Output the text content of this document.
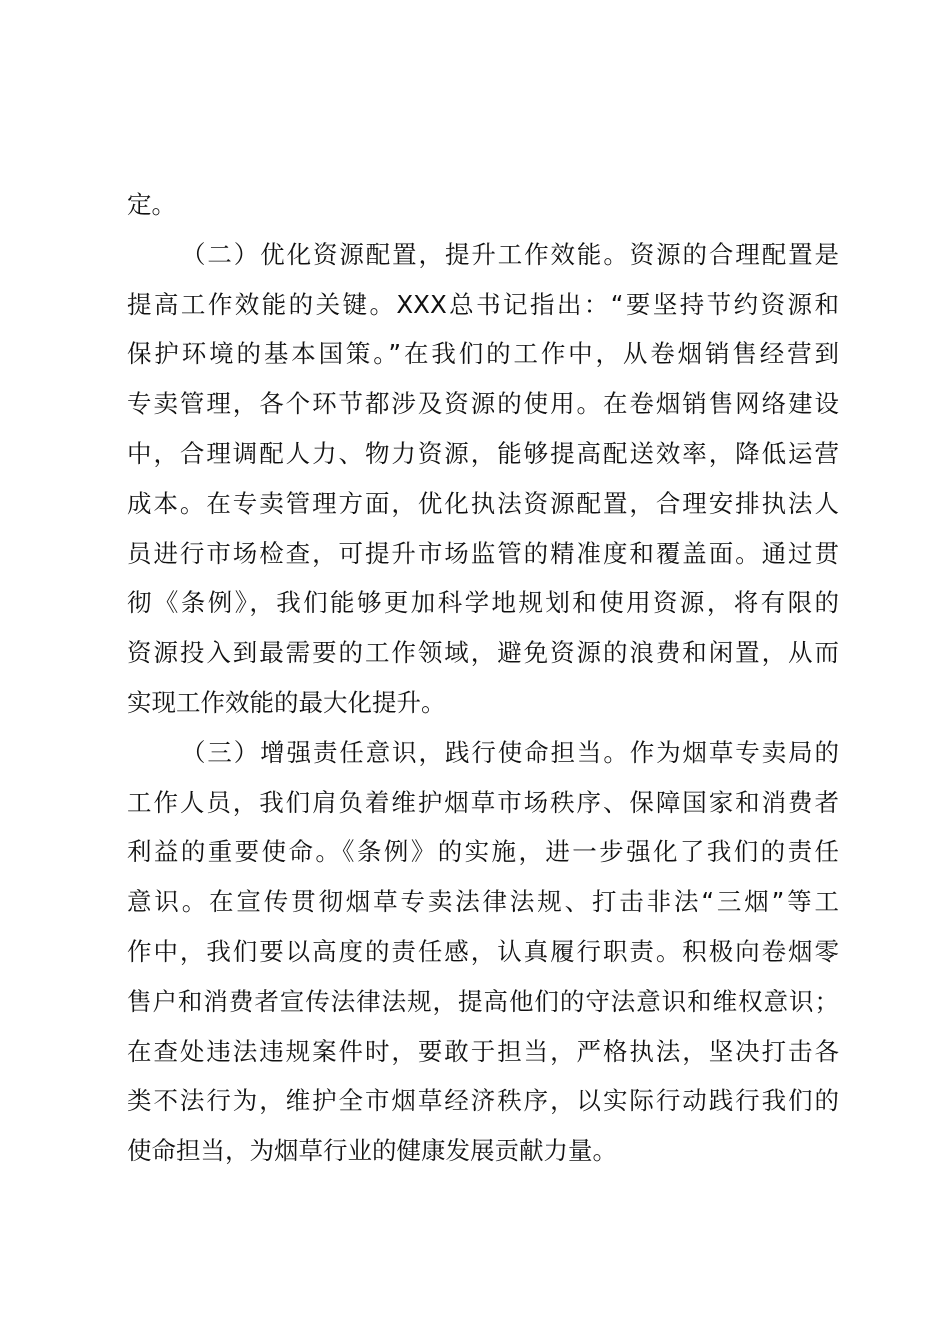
定。
（二）优化资源配置，提升工作效能。资源的合理配置是
提高工作效能的关键。XXX总书记指出：“要坚持节约资源和
保护环境的基本国策。”在我们的工作中，从卷烟销售经营到
专卖管理，各个环节都涉及资源的使用。在卷烟销售网络建设
中，合理调配人力、物力资源，能够提高配送效率，降低运营
成本。在专卖管理方面，优化执法资源配置，合理安排执法人
员进行市场检查，可提升市场监管的精准度和覆盖面。通过贯
彻《条例》，我们能够更加科学地规划和使用资源，将有限的
资源投入到最需要的工作领域，避免资源的浪费和闲置，从而
实现工作效能的最大化提升。
（三）增强责任意识，践行使命担当。作为烟草专卖局的
工作人员，我们肩负着维护烟草市场秩序、保障国家和消费者
利益的重要使命。《条例》的实施，进一步强化了我们的责任
意识。在宣传贯彻烟草专卖法律法规、打击非法“三烟”等工
作中，我们要以高度的责任感，认真履行职责。积极向卷烟零
售户和消费者宣传法律法规，提高他们的守法意识和维权意识；
在查处违法违规案件时，要敢于担当，严格执法，坚决打击各
类不法行为，维护全市烟草经济秩序，以实际行动践行我们的
使命担当，为烟草行业的健康发展贡献力量。
